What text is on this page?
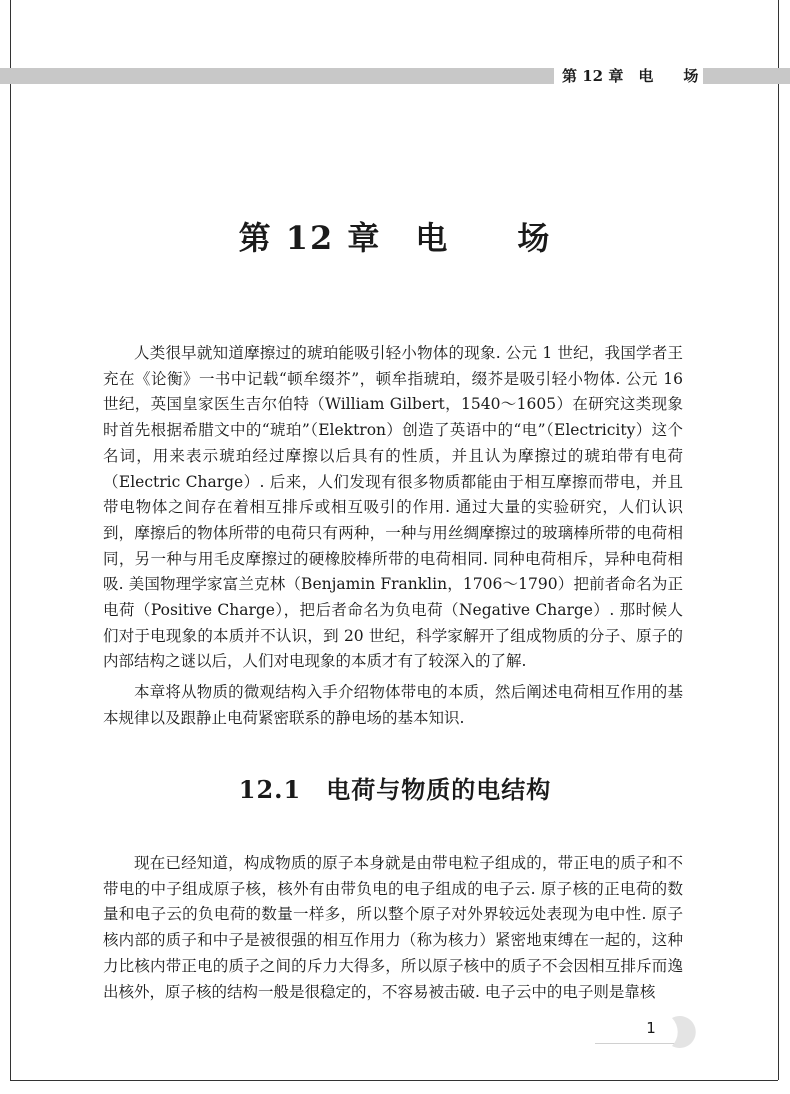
第 12 章　电　　场
第 12 章　电　　场

人类很早就知道摩擦过的琥珀能吸引轻小物体的现象. 公元 1 世纪，我国学者王充在《论衡》一书中记载“顿牟缀芥”，顿牟指琥珀，缀芥是吸引轻小物体. 公元 16 世纪，英国皇家医生吉尔伯特（William Gilbert，1540～1605）在研究这类现象时首先根据希腊文中的“琥珀”（Elektron）创造了英语中的“电”（Electricity）这个名词，用来表示琥珀经过摩擦以后具有的性质，并且认为摩擦过的琥珀带有电荷（Electric Charge）. 后来，人们发现有很多物质都能由于相互摩擦而带电，并且带电物体之间存在着相互排斥或相互吸引的作用. 通过大量的实验研究，人们认识到，摩擦后的物体所带的电荷只有两种，一种与用丝绸摩擦过的玻璃棒所带的电荷相同，另一种与用毛皮摩擦过的硬橡胶棒所带的电荷相同. 同种电荷相斥，异种电荷相吸. 美国物理学家富兰克林（Benjamin Franklin，1706～1790）把前者命名为正电荷（Positive Charge），把后者命名为负电荷（Negative Charge）. 那时候人们对于电现象的本质并不认识，到 20 世纪，科学家解开了组成物质的分子、原子的内部结构之谜以后，人们对电现象的本质才有了较深入的了解.

本章将从物质的微观结构入手介绍物体带电的本质，然后阐述电荷相互作用的基本规律以及跟静止电荷紧密联系的静电场的基本知识.

12.1　电荷与物质的电结构

现在已经知道，构成物质的原子本身就是由带电粒子组成的，带正电的质子和不带电的中子组成原子核，核外有由带负电的电子组成的电子云. 原子核的正电荷的数量和电子云的负电荷的数量一样多，所以整个原子对外界较远处表现为电中性. 原子核内部的质子和中子是被很强的相互作用力（称为核力）紧密地束缚在一起的，这种力比核内带正电的质子之间的斥力大得多，所以原子核中的质子不会因相互排斥而逸出核外，原子核的结构一般是很稳定的，不容易被击破. 电子云中的电子则是靠核

1
